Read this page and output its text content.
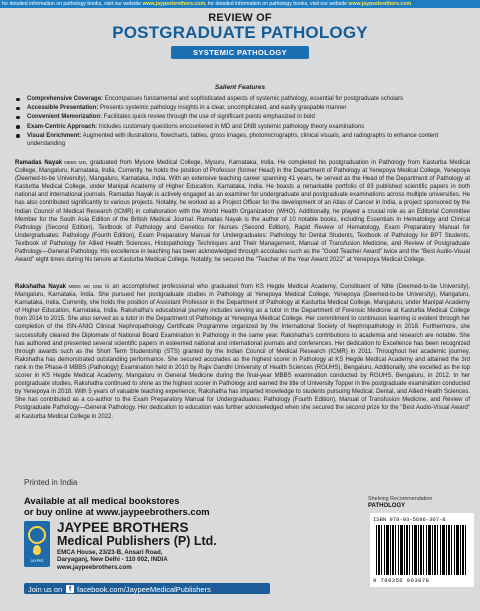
for detailed information on pathology books, visit our website www.jaypeebrothers.com, for detailed information on pathology books, visit our website www.jaypeebrothers.com
REVIEW OF
POSTGRADUATE PATHOLOGY
SYSTEMIC PATHOLOGY
Salient Features
Comprehensive Coverage: Encompasses fundamental and sophisticated aspects of systemic pathology, essential for postgraduate scholars
Accessible Presentation: Presents systemic pathology insights in a clear, uncomplicated, and easily graspable manner
Convenient Memorization: Facilitates quick review through the use of significant points emphasized in bold
Exam-Centric Approach: Includes customary questions encountered in MD and DNB systemic pathology theory examinations
Visual Enrichment: Augmented with illustrations, flowcharts, tables, gross images, photomicrographs, clinical visuals, and radiographs to enhance content understanding
Ramadas Nayak MBBS MD, graduated from Mysore Medical College, Mysuru, Karnataka, India. He completed his postgraduation in Pathology from Kasturba Medical College, Mangaluru, Karnataka, India. Currently, he holds the position of Professor (former Head) in the Department of Pathology at Yenepoya Medical College, Yenepoya (Deemed-to-be University), Mangaluru, Karnataka, India. With an extensive teaching career spanning 41 years, he served as the Head of the Department of Pathology at Kasturba Medical College, under Manipal Academy of Higher Education, Karnataka, India. He boasts a remarkable portfolio of 83 published scientific papers in both national and international journals. Ramadas Nayak is actively engaged as an examiner for undergraduate and postgraduate examinations across multiple universities. He has also contributed significantly to various projects. Notably, he worked as a Project Officer for the development of an Atlas of Cancer in India, a project sponsored by the Indian Council of Medical Research (ICMR) in collaboration with the World Health Organization (WHO). Additionally, he played a crucial role as an Editorial Committee Member for the South Asia Edition of the British Medical Journal. Ramadas Nayak is the author of 10 notable books, including Essentials in Hematology and Clinical Pathology (Second Edition), Textbook of Pathology and Genetics for Nurses (Second Edition), Rapid Review of Hematology, Exam Preparatory Manual for Undergraduates: Pathology (Fourth Edition), Exam Preparatory Manual for Undergraduates: Pathology for Dental Students, Textbook of Pathology for BPT Students, Textbook of Pathology for Allied Health Sciences, Histopathology Techniques and Their Management, Manual of Transfusion Medicine, and Review of Postgraduate Pathology—General Pathology. His excellence in teaching has been acknowledged through accolades such as the "Good Teacher Award" twice and the "Best Audio-Visual Award" eight times during his tenure at Kasturba Medical College. Notably, he secured the "Teacher of the Year Award 2022" at Yenepoya Medical College.
Rakshatha Nayak MBBS MD DNB is an accomplished professional who graduated from KS Hegde Medical Academy, Constituent of Nitte (Deemed-to-be University), Mangaluru, Karnataka, India. She pursued her postgraduate studies in Pathology at Yenepoya Medical College, Yenepoya (Deemed-to-be University), Mangaluru, Karnataka, India. Currently, she holds the position of Assistant Professor in the Department of Pathology at Kasturba Medical College, Mangaluru, under Manipal Academy of Higher Education, Karnataka, India. Rakshatha's educational journey includes serving as a tutor in the Department of Forensic Medicine at Kasturba Medical College from 2014 to 2015. She also served as a tutor in the Department of Pathology at Yenepoya Medical College. Her commitment to continuous learning is evident through her completion of the ISN-ANIO Clinical Nephropathology Certificate Programme organized by the International Society of Nephropathology in 2018. Furthermore, she successfully cleared the Diplomate of National Board Examination in Pathology in the same year. Rakshatha's contributions to academia and research are notable. She has authored and presented several scientific papers in esteemed national and international journals and conferences. Her dedication to Excellence has been recognized through awards such as the Short Term Studentship (STS) granted by the Indian Council of Medical Research (ICMR) in 2011. Throughout her academic journey, Rakshatha has demonstrated outstanding performance. She secured accolades as the highest scorer in Pathology at KS Hegde Medical Academy and attained the 3rd rank in the Phase-II MBBS (Pathology) Examination held in 2010 by Rajiv Gandhi University of Health Sciences (RGUHS), Bengaluru. Additionally, she excelled as the top scorer in KS Hegde Medical Academy, Mangaluru in General Medicine during the final-year MBBS examination conducted by RGUHS, Bengaluru, in 2012. In her postgraduate studies, Rakshatha continued to shine as the highest scorer in Pathology and earned the title of University Topper in the postgraduate examination conducted by Yenepoya in 2018. With 5 years of valuable teaching experience, Rakshatha has imparted knowledge to students pursuing Medical, Dental, and Allied Health Sciences. She has contributed as a co-author to the Exam Preparatory Manual for Undergraduates: Pathology (Fourth Edition), Manual of Transfusion Medicine, and Review of Postgraduate Pathology—General Pathology. Her dedication to education was further acknowledged when she secured the second prize for the "Best Audio-Visual Award" at Kasturba Medical College in 2022.
Printed in India
Available at all medical bookstores
or buy online at www.jaypeebrothers.com
JAYPEE
JAYPEE BROTHERS
Medical Publishers (P) Ltd.
EMCA House, 23/23-B, Ansari Road,
Daryaganj, New Delhi - 110 002, INDIA
www.jaypeebrothers.com
Join us on f facebook.com/JaypeeMedicalPublishers
Shelving Recommendation
PATHOLOGY
ISBN 978-93-5696-307-8
9 789356 963078
